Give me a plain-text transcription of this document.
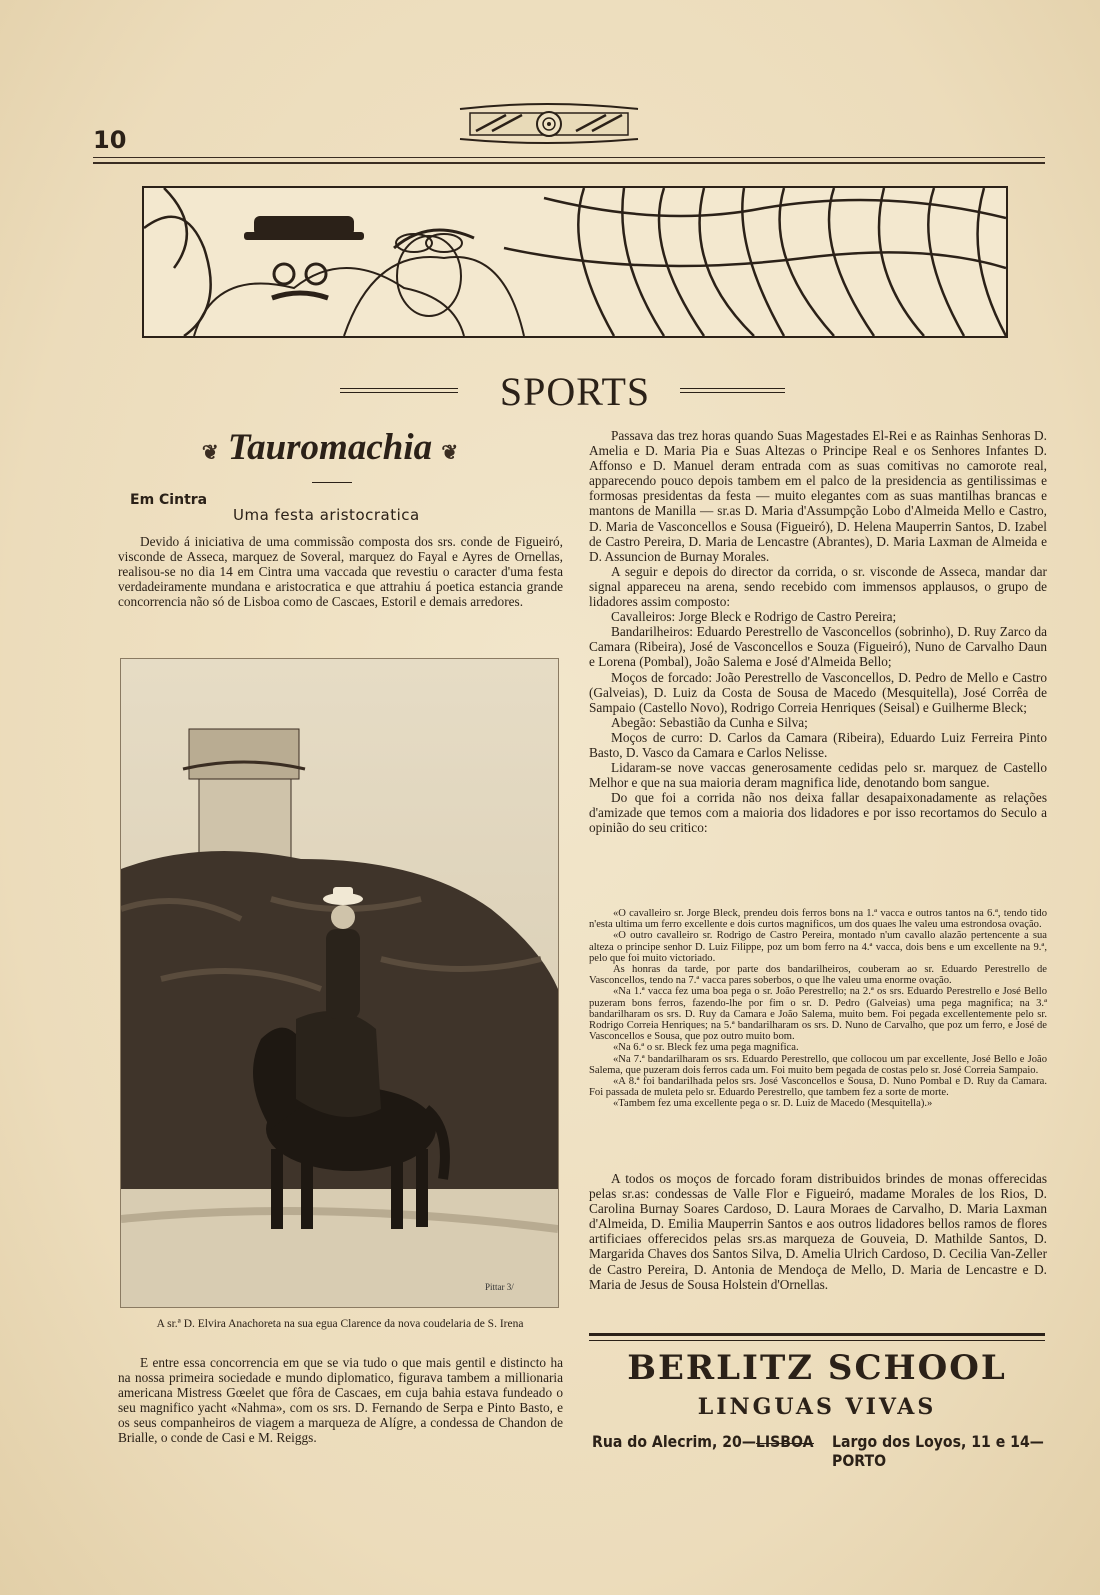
10
SPORTS
❦ Tauromachia ❦
Em Cintra
Uma festa aristocratica

Devido á iniciativa de uma commissão composta dos srs. conde de Figueiró, visconde de Asseca, marquez de Soveral, marquez do Fayal e Ayres de Ornellas, realisou-se no dia 14 em Cintra uma vaccada que revestiu o caracter d'uma festa verdadeiramente mundana e aristocratica e que attrahiu á poetica estancia grande concorrencia não só de Lisboa como de Cascaes, Estoril e demais arredores.

Pittar 3/
A sr.ª D. Elvira Anachoreta na sua egua Clarence da nova coudelaria de S. Irena

E entre essa concorrencia em que se via tudo o que mais gentil e distincto ha na nossa primeira sociedade e mundo diplomatico, figurava tambem a millionaria americana Mistress Gœelet que fôra de Cascaes, em cuja bahia estava fundeado o seu magnifico yacht «Nahma», com os srs. D. Fernando de Serpa e Pinto Basto, e os seus companheiros de viagem a marqueza de Alígre, a condessa de Chandon de Brialle, o conde de Casi e M. Reiggs.

Passava das trez horas quando Suas Magestades El-Rei e as Rainhas Senhoras D. Amelia e D. Maria Pia e Suas Altezas o Principe Real e os Senhores Infantes D. Affonso e D. Manuel deram entrada com as suas comitivas no camorote real, apparecendo pouco depois tambem em el palco de la presidencia as gentilissimas e formosas presidentas da festa — muito elegantes com as suas mantilhas brancas e mantons de Manilla — sr.as D. Maria d'Assumpção Lobo d'Almeida Mello e Castro, D. Maria de Vasconcellos e Sousa (Figueiró), D. Helena Mauperrin Santos, D. Izabel de Castro Pereira, D. Maria de Lencastre (Abrantes), D. Maria Laxman de Almeida e D. Assuncion de Burnay Morales.

A seguir e depois do director da corrida, o sr. visconde de Asseca, mandar dar signal appareceu na arena, sendo recebido com immensos applausos, o grupo de lidadores assim composto:

Cavalleiros: Jorge Bleck e Rodrigo de Castro Pereira;

Bandarilheiros: Eduardo Perestrello de Vasconcellos (sobrinho), D. Ruy Zarco da Camara (Ribeira), José de Vasconcellos e Souza (Figueiró), Nuno de Carvalho Daun e Lorena (Pombal), João Salema e José d'Almeida Bello;

Moços de forcado: João Perestrello de Vasconcellos, D. Pedro de Mello e Castro (Galveias), D. Luiz da Costa de Sousa de Macedo (Mesquitella), José Corrêa de Sampaio (Castello Novo), Rodrigo Correia Henriques (Seisal) e Guilherme Bleck;

Abegão: Sebastião da Cunha e Silva;

Moços de curro: D. Carlos da Camara (Ribeira), Eduardo Luiz Ferreira Pinto Basto, D. Vasco da Camara e Carlos Nelisse.

Lidaram-se nove vaccas generosamente cedidas pelo sr. marquez de Castello Melhor e que na sua maioria deram magnifica lide, denotando bom sangue.

Do que foi a corrida não nos deixa fallar desapaixonadamente as relações d'amizade que temos com a maioria dos lidadores e por isso recortamos do Seculo a opinião do seu critico:

«O cavalleiro sr. Jorge Bleck, prendeu dois ferros bons na 1.ª vacca e outros tantos na 6.ª, tendo tido n'esta ultima um ferro excellente e dois curtos magnificos, um dos quaes lhe valeu uma estrondosa ovação.

«O outro cavalleiro sr. Rodrigo de Castro Pereira, montado n'um cavallo alazão pertencente a sua alteza o principe senhor D. Luiz Filippe, poz um bom ferro na 4.ª vacca, dois bens e um excellente na 9.ª, pelo que foi muito victoriado.

As honras da tarde, por parte dos bandarilheiros, couberam ao sr. Eduardo Perestrello de Vasconcellos, tendo na 7.ª vacca pares soberbos, o que lhe valeu uma enorme ovação.

«Na 1.ª vacca fez uma boa pega o sr. João Perestrello; na 2.ª os srs. Eduardo Perestrello e José Bello puzeram bons ferros, fazendo-lhe por fim o sr. D. Pedro (Galveias) uma pega magnifica; na 3.ª bandarilharam os srs. D. Ruy da Camara e João Salema, muito bem. Foi pegada excellentemente pelo sr. Rodrigo Correia Henriques; na 5.ª bandarilharam os srs. D. Nuno de Carvalho, que poz um ferro, e José de Vasconcellos e Sousa, que poz outro muito bom.

«Na 6.ª o sr. Bleck fez uma pega magnifica.

«Na 7.ª bandarilharam os srs. Eduardo Perestrello, que collocou um par excellente, José Bello e João Salema, que puzeram dois ferros cada um. Foi muito bem pegada de costas pelo sr. José Correia Sampaio.

«A 8.ª foi bandarilhada pelos srs. José Vasconcellos e Sousa, D. Nuno Pombal e D. Ruy da Camara. Foi passada de muleta pelo sr. Eduardo Perestrello, que tambem fez a sorte de morte.

«Tambem fez uma excellente pega o sr. D. Luiz de Macedo (Mesquitella).»

A todos os moços de forcado foram distribuidos brindes de monas offerecidas pelas sr.as: condessas de Valle Flor e Figueiró, madame Morales de los Rios, D. Carolina Burnay Soares Cardoso, D. Laura Moraes de Carvalho, D. Maria Laxman d'Almeida, D. Emilia Mauperrin Santos e aos outros lidadores bellos ramos de flores artificiaes offerecidos pelas srs.as marqueza de Gouveia, D. Mathilde Santos, D. Margarida Chaves dos Santos Silva, D. Amelia Ulrich Cardoso, D. Cecilia Van-Zeller de Castro Pereira, D. Antonia de Mendoça de Mello, D. Maria de Lencastre e D. Maria de Jesus de Sousa Holstein d'Ornellas.

BERLITZ SCHOOL
LINGUAS VIVAS
Rua do Alecrim, 20—LISBOA Largo dos Loyos, 11 e 14—PORTO
